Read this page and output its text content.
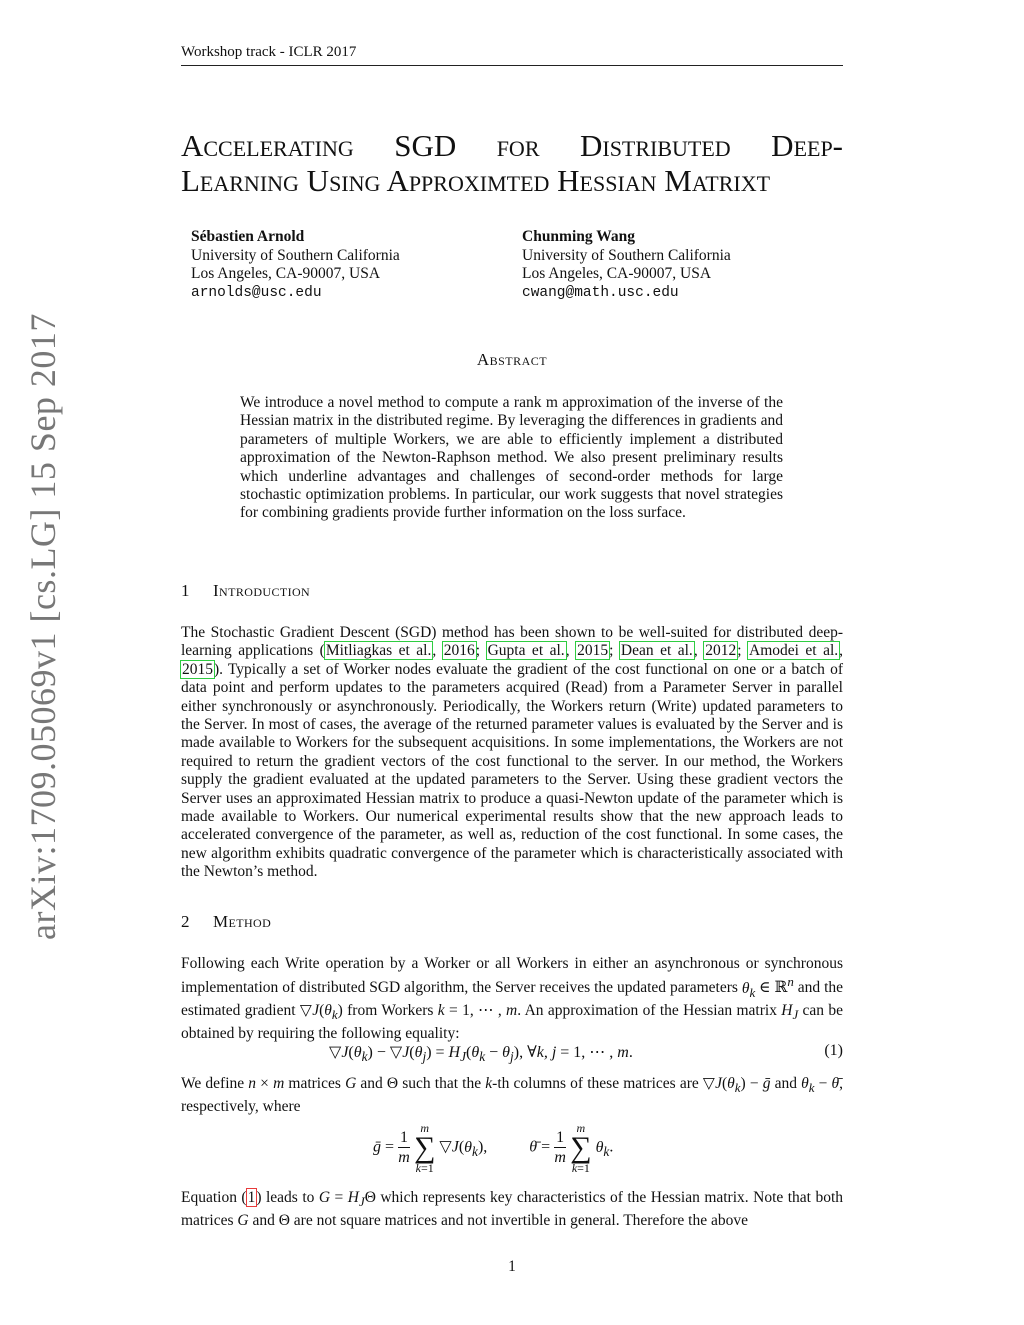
Workshop track - ICLR 2017
arXiv:1709.05069v1 [cs.LG] 15 Sep 2017
Accelerating SGD for Distributed Deep-
Learning Using Approximted Hessian Matrixt
Sébastien Arnold
University of Southern California
Los Angeles, CA-90007, USA
arnolds@usc.edu
Chunming Wang
University of Southern California
Los Angeles, CA-90007, USA
cwang@math.usc.edu
Abstract
We introduce a novel method to compute a rank m approximation of the inverse of the Hessian matrix in the distributed regime. By leveraging the differences in gradients and parameters of multiple Workers, we are able to efficiently implement a distributed approximation of the Newton-Raphson method. We also present preliminary results which underline advantages and challenges of second-order methods for large stochastic optimization problems. In particular, our work suggests that novel strategies for combining gradients provide further information on the loss surface.
1 Introduction
The Stochastic Gradient Descent (SGD) method has been shown to be well-suited for distributed deep-learning applications (Mitliagkas et al., 2016; Gupta et al., 2015; Dean et al., 2012; Amodei et al., 2015). Typically a set of Worker nodes evaluate the gradient of the cost functional on one or a batch of data point and perform updates to the parameters acquired (Read) from a Parameter Server in parallel either synchronously or asynchronously. Periodically, the Workers return (Write) updated parameters to the Server. In most of cases, the average of the returned parameter values is evaluated by the Server and is made available to Workers for the subsequent acquisitions. In some implementations, the Workers are not required to return the gradient vectors of the cost functional to the server. In our method, the Workers supply the gradient evaluated at the updated parameters to the Server. Using these gradient vectors the Server uses an approximated Hessian matrix to produce a quasi-Newton update of the parameter which is made available to Workers. Our numerical experimental results show that the new approach leads to accelerated convergence of the parameter, as well as, reduction of the cost functional. In some cases, the new algorithm exhibits quadratic convergence of the parameter which is characteristically associated with the Newton’s method.
2 Method
Following each Write operation by a Worker or all Workers in either an asynchronous or synchronous implementation of distributed SGD algorithm, the Server receives the updated parameters $\theta_k$ ∈ ℝ$^n$ and the estimated gradient $▽J(\theta_k)$ from Workers k = 1, ⋯ , m. An approximation of the Hessian matrix $H_J$ can be obtained by requiring the following equality:
$▽J(\theta_k)$ − $▽J(\theta_j) = H_J(\theta_k - \theta_j)$, ∀k, j = 1, ⋯ , m.	(1)
We define n × m matrices G and Θ such that the k-th columns of these matrices are $▽J(\theta_k)$ − ḡ and $\theta_k$ − θ̄, respectively, where
ḡ = $\frac{1}{m}$

m
∑
k=1
$▽J(\theta_k)$,  θ̄ = $\frac{1}{m}$

m
∑
k=1
$\theta_k$.
Equation (1) leads to $G = H_J\Theta$ which represents key characteristics of the Hessian matrix. Note that both matrices G and Θ are not square matrices and not invertible in general. Therefore the above
1
